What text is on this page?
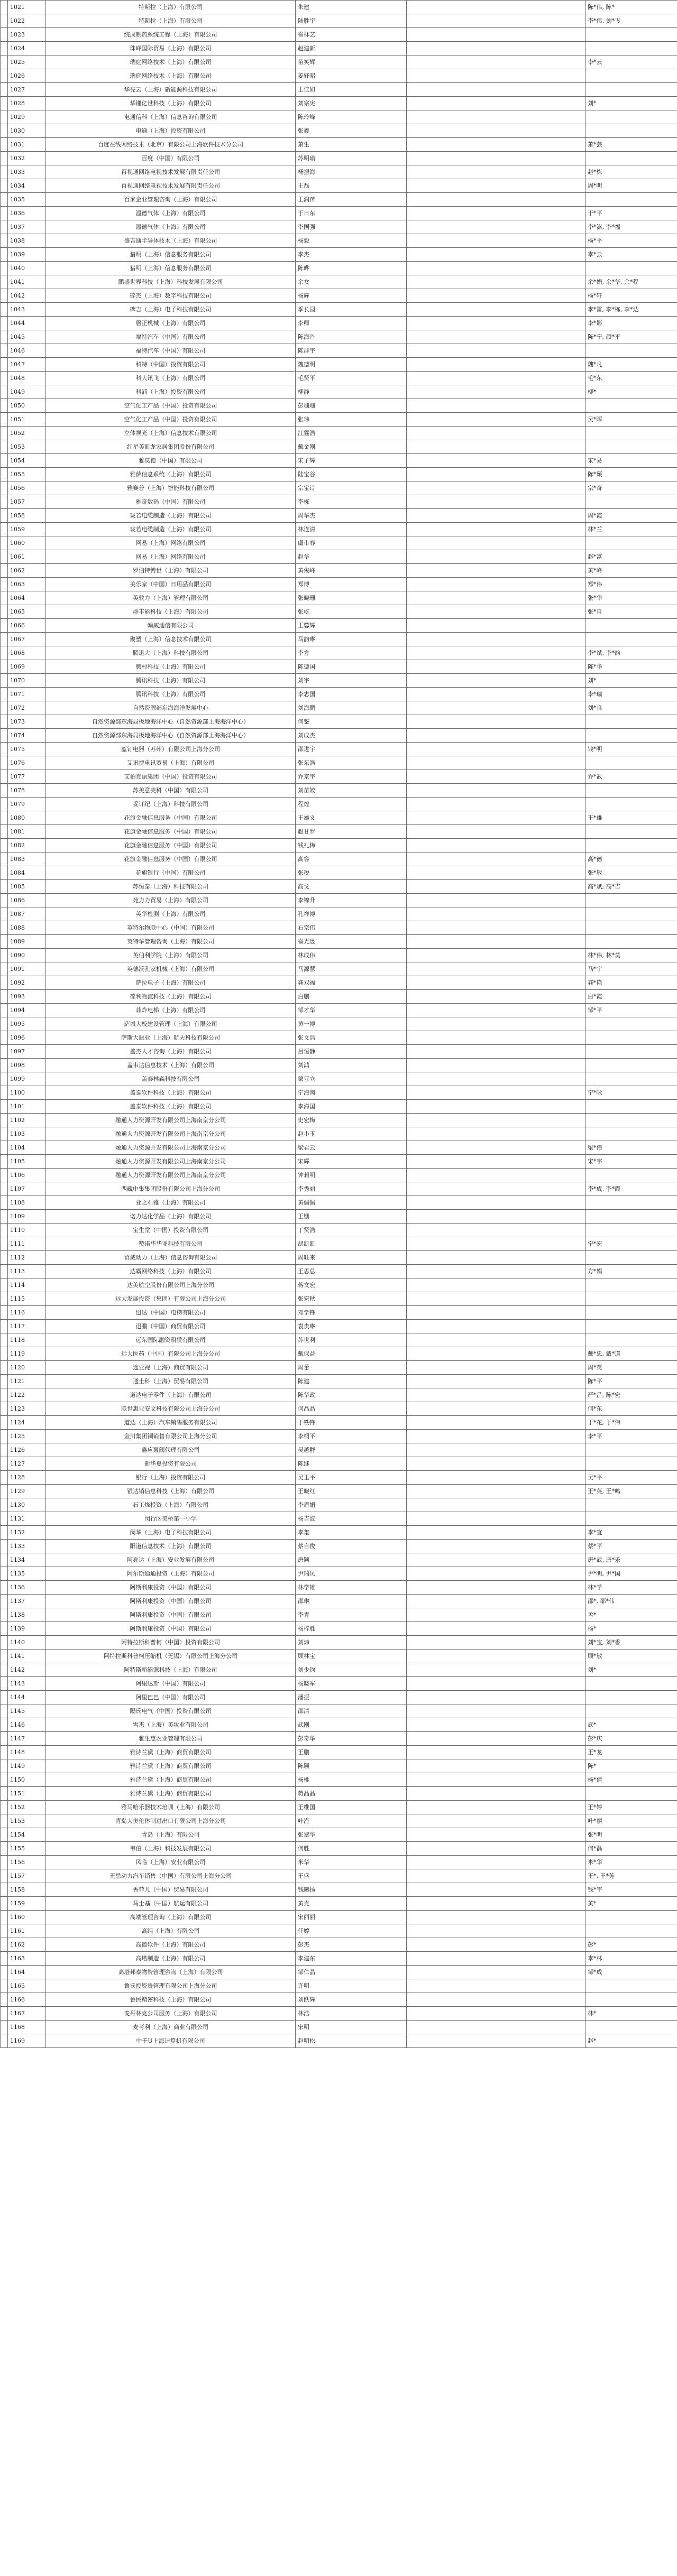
	1021	特斯拉（上海）有限公司	朱建		陈*伟, 陈*
	1022	特斯拉（上海）有限公司	陆胜宇		李*伟, 刘*飞
	1023	统成制药系统工程（上海）有限公司	崔林艺		
	1024	珠峰国际贸易（上海）有限公司	赵建新		
	1025	瑞庭网络技术（上海）有限公司	苗笑辉		李*云
	1026	瑞庭网络技术（上海）有限公司	姜轩昭		
	1027	华亮云（上海）新能源科技有限公司	王佳如		
	1028	华锂亿世科技（上海）有限公司	刘宗宪		刘*
	1029	电通信科（上海）信息咨询有限公司	陈玲峰		
	1030	电通（上海）投资有限公司	张羲		
	1031	百度在线网络技术（北京）有限公司上海软件技术分公司	萧生		萧*芸
	1032	百度（中国）有限公司	苏明瑜		
	1033	百视通网络电视技术发展有限责任公司	杨振海		赵*栋
	1034	百视通网络电视技术发展有限责任公司	王磊		周*明
	1035	百家企业管理咨询（上海）有限公司	王润萍		
	1036	温德气体（上海）有限公司	于日东		于*平
	1037	温德气体（上海）有限公司	李国强		李*嵩, 李*福
	1038	盛吉通半导体技术（上海）有限公司	杨毅		杨*平
	1039	猎明（上海）信息服务有限公司	李杰		李*云
	1040	猎明（上海）信息服务有限公司	陈晔		
	1041	鹏盛世界科技（上海）科技发展有限公司	余女		余*娟, 余*华, 余*程
	1042	碎杰（上海）数字科技有限公司	杨辉		杨*轩
	1043	碑吉（上海）电子科技有限公司	季长园		李*雷, 李*栋, 李*达
	1044	磐正机械（上海）有限公司	李卿		李*影
	1045	福特汽车（中国）有限公司	陈海丹		陈*宁, 颜*平
	1046	福特汽车（中国）有限公司	陈群宇		
	1047	科特（中国）投资有限公司	魏德明		魏*凡
	1048	科大讯飞（上海）有限公司	毛贤平		毛*东
	1049	科浦（上海）投资有限公司	柳静		柳*
	1050	空气化工产品（中国）投资有限公司	彭珊珊		
	1051	空气化工产品（中国）投资有限公司	张玮		吴*晖
	1052	立体视光（上海）信息技术有限公司	江霆浩		
	1053	红星美凯龙家居集团股份有限公司	戴金刚		
	1054	雅莫德（中国）有限公司	宋子辉		宋*易
	1055	雅萨信息系统（上海）有限公司	陆宝谷		陈*颖
	1056	雅赛普（上海）智能科技有限公司	宗宝诗		宗*奇
	1057	雅奇数码（中国）有限公司	李栋		
	1058	珑若电缆制造（上海）有限公司	周华杰		周*霞
	1059	珑若电缆制造（上海）有限公司	林连清		林*兰
	1060	网易（上海）网络有限公司	虞市春		
	1061	网易（上海）网络有限公司	赵华		赵*富
	1062	罗伯特博世（上海）有限公司	黄俊峰		黄*峰
	1063	美乐家（中国）日用品有限公司	郑博		郑*伟
	1064	英敦力（上海）管理有限公司	张晓珊		张*华
	1065	群丰能科技（上海）有限公司	张屹		张*自
	1066	翰威通信有限公司	王蓉辉		
	1067	聚塑（上海）信息技术有限公司	马韵琳		
	1068	腾迅大（上海）科技有限公司	李方		李*斌, 李*韵
	1069	腾村科技（上海）有限公司	陈德国		陈*华
	1070	腾讯科技（上海）有限公司	刘宇		刘*
	1071	腾讯科技（上海）有限公司	李志国		李*瑞
	1072	自然资源部东海海洋发展中心	刘海鹏		刘*良
	1073	自然资源部东海局极地海洋中心（自然资源部上海海洋中心）	何鉴		
	1074	自然资源部东海局极地海洋中心（自然资源部上海海洋中心）	刘成杰		
	1075	蓝钉电器（苏州）有限公司上海分公司	邵进宇		钱*明
	1076	艾讯捷电讯贸易（上海）有限公司	张东浩		
	1077	艾柏克丽集团（中国）投资有限公司	乔京宇		乔*武
	1078	苏美意美科（中国）有限公司	刘苗姣		
	1079	妥订纪（上海）科技有限公司	程煌		
	1080	花旗金融信息服务（中国）有限公司	王雄义		王*雄
	1081	花旗金融信息服务（中国）有限公司	赵甘罗		
	1082	花旗金融信息服务（中国）有限公司	钱礼梅		
	1083	花旗金融信息服务（中国）有限公司	高容		高*德
	1084	花旗银行（中国）有限公司	张税		张*敏
	1085	苏恒泰（上海）科技有限公司	高戈		高*斌, 高*吉
	1086	苑力力贸易（上海）有限公司	李锦升		
	1087	英华检测（上海）有限公司	孔祥博		
	1088	英特尔物联中心（中国）有限公司	石宗伟		
	1089	英特华管理咨询（上海）有限公司	崔光晟		
	1090	英伯利学院（上海）有限公司	林成伟		林*伟, 林*莫
	1091	英德沃孔家机械（上海）有限公司	马源慧		马*宇
	1092	萨拉电子（上海）有限公司	龚双福		龚*艳
	1093	葆利物流科技（上海）有限公司	白鹏		白*霞
	1094	菲炸电梯（上海）有限公司	邹才华		邹*平
	1095	萨城大校建设管理（上海）有限公司	黄一博		
	1096	萨斯大瓶业（上海）航天科技有限公司	张文浩		
	1097	盖杰人才咨询（上海）有限公司	吕恒静		
	1098	盖韦达信息技术（上海）有限公司	刘鸿		
	1099	盖泰林森科技有限公司	蒙亚立		
	1100	盖泰软件科技（上海）有限公司	宁海淘		宁*咏
	1101	盖泰软件科技（上海）有限公司	李海国		
	1102	融通人力资源开发有限公司上海南京分公司	史宏梅		
	1103	融通人力资源开发有限公司上海南京分公司	赵小玉		
	1104	融通人力资源开发有限公司上海南京分公司	梁君云		梁*伟
	1105	融通人力资源开发有限公司上海南京分公司	宋辉		宋*宇
	1106	融通人力资源开发有限公司上海南京分公司	钟莉明		
	1107	西藏中集集团股份有限公司上海分公司	李秀丽		李*成, 李*霞
	1108	亚之石雅（上海）有限公司	黄佩佩		
	1109	诺力达化学品（上海）有限公司	王姗		
	1110	宝生堂（中国）投资有限公司	丁贤浩		
	1111	赞诺华华亚科技有限公司	胡凯凯		宁*宏
	1112	贸威动力（上海）信息咨询有限公司	周旺来		
	1113	达霸网络科技（上海）有限公司	王思总		方*娟
	1114	达美航空股份有限公司上海分公司	蒋文宏		
	1115	远大发展投资（集团）有限公司上海分公司	张宏秋		
	1116	迅达（中国）电梯有限公司	邓学锋		
	1117	迅鹏（中国）商贸有限公司	袁贵琳		
	1118	远东国际融资租赁有限公司	苏世利		
	1119	远大医药（中国）有限公司上海分公司	戴保益		戴*忠, 戴*道
	1120	途亚视（上海）商贸有限公司	周蕾		周*英
	1121	通士科（上海）贸易有限公司	陈建		陈*平
	1122	道达电子零件（上海）有限公司	陈华政		严*吕, 陈*宏
	1123	联世惠亚安文科技有限公司上海分公司	何晶晶		何*东
	1124	道达（上海）汽车销售服务有限公司	于铁锋		于*花, 于*伟
	1125	金川集团铜销售有限公司上海分公司	李桐平		李*平
	1126	鑫应泵阀代理有限公司	吴越群		
	1127	新华夏投资有限公司	陈继		
	1128	银行（上海）投资有限公司	吴玉平		吴*平
	1129	银达销信息科技（上海）有限公司	王晓红		王*英, 王*鸣
	1130	石工烽投资（上海）有限公司	李眉娟		
	1131	闵行区美桥第一小学	杨吉波		
	1132	闵华（上海）电子科技有限公司	李玺		李*宜
	1133	阳道信息技术（上海）有限公司	蔡自俊		蔡*平
	1134	阿亮达（上海）安业发展有限公司	唐颖		唐*武, 唐*乐
	1135	阿尔斯通通投资（上海）有限公司	尹瑞凤		尹*明, 尹*国
	1136	阿斯利康投资（中国）有限公司	林学雄		林*学
	1137	阿斯利康投资（中国）有限公司	邵琳		邵*, 邵*伟
	1138	阿斯利康投资（中国）有限公司	李青		孟*
	1139	阿斯利康投资（中国）有限公司	杨梓胜		杨*
	1140	阿特拉斯科普柯（中国）投资有限公司	刘炜		刘*宝, 刘*香
	1141	阿特拉斯科普柯压缩机（无锡）有限公司上海分公司	顾林宝		顾*敏
	1142	阿特斯新能源科技（上海）有限公司	刘少钧		刘*
	1143	阿里达斯（中国）有限公司	杨晓军		
	1144	阿里巴巴（中国）有限公司	潘振		
	1145	隔氏电气（中国）投资有限公司	邵清		
	1146	雪杰（上海）美妆业有限公司	武刚		武*
	1147	雅生惠农业管理有限公司	彭奇华		彭*庆
	1148	雅诗兰黛（上海）商贸有限公司	王鹏		王*龙
	1149	雅诗兰黛（上海）商贸有限公司	陈颖		陈*
	1150	雅诗兰黛（上海）商贸有限公司	杨桃		杨*倩
	1151	雅诗兰黛（上海）商贸有限公司	蒋晶晶		
	1152	雅马哈乐器技术培训（上海）有限公司	王维国		王*婷
	1153	青岛大奥伦体制进出口有限公司上海分公司	叶滢		叶*丽
	1154	青岛（上海）有限公司	张翠华		张*明
	1155	韦伯（上海）科技发展有限公司	何胜		何*磊
	1156	风临（上海）安业有限公司	米华		米*华
	1157	无忌动力汽车销售（中国）有限公司上海分公司	王盛		王*, 王*芳
	1158	香菲儿（中国）贸易有限公司	钱曦扬		钱*宇
	1159	马士基（中国）航运有限公司	黄克		黄*
	1160	高端管理咨询（上海）有限公司	宋丽丽		
	1161	高纯（上海）有限公司	任婷		
	1162	高德软件（上海）有限公司	彭杰		彭*
	1163	高塔制造（上海）有限公司	李建东		李*林
	1164	高塔邦泰物资管理咨询（上海）有限公司	邹仁晶		邹*成
	1165	鲁氏投资贵管理有限公司上海分公司	许明		
	1166	鲁民精密科技（上海）有限公司	刘跃辉		
	1167	麦哥林克公司服务（上海）有限公司	林浩		林*
	1168	麦考利（上海）商业有限公司	宋明		
	1169	中千U上海计算机有限公司	赵明松		赵*
